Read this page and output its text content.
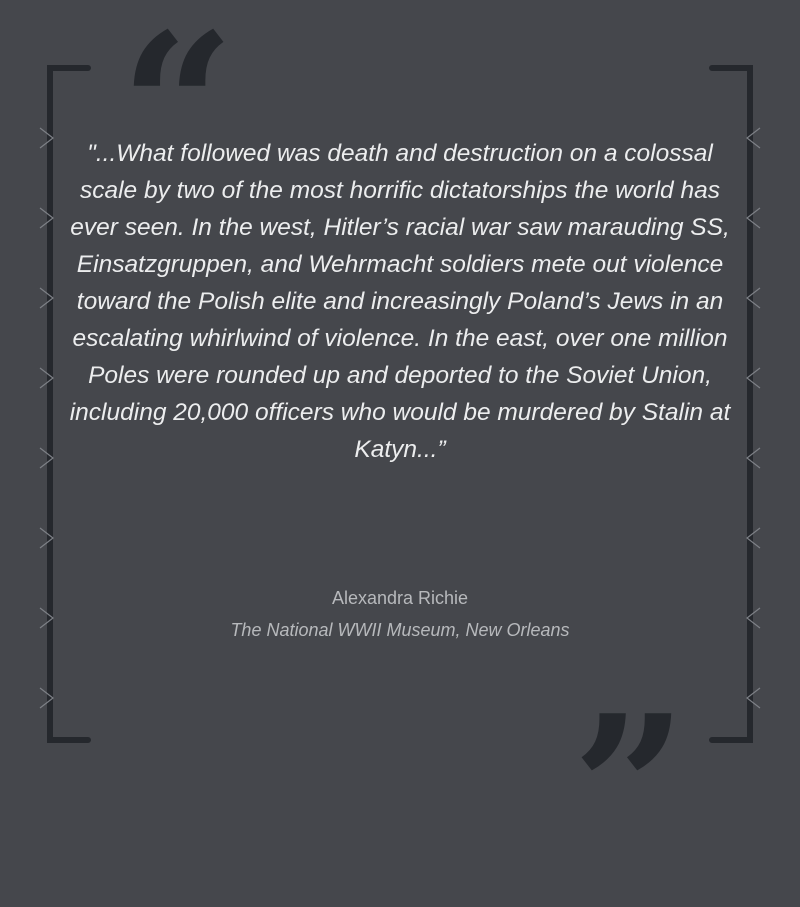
“
”

"...What followed was death and destruction on a colossal scale by two of the most horrific dictatorships the world has ever seen. In the west, Hitler’s racial war saw marauding SS, Einsatzgruppen, and Wehrmacht soldiers mete out violence toward the Polish elite and increasingly Poland’s Jews in an escalating whirlwind of violence. In the east, over one million Poles were rounded up and deported to the Soviet Union, including 20,000 officers who would be murdered by Stalin at Katyn...”

Alexandra Richie

The National WWII Museum, New Orleans
